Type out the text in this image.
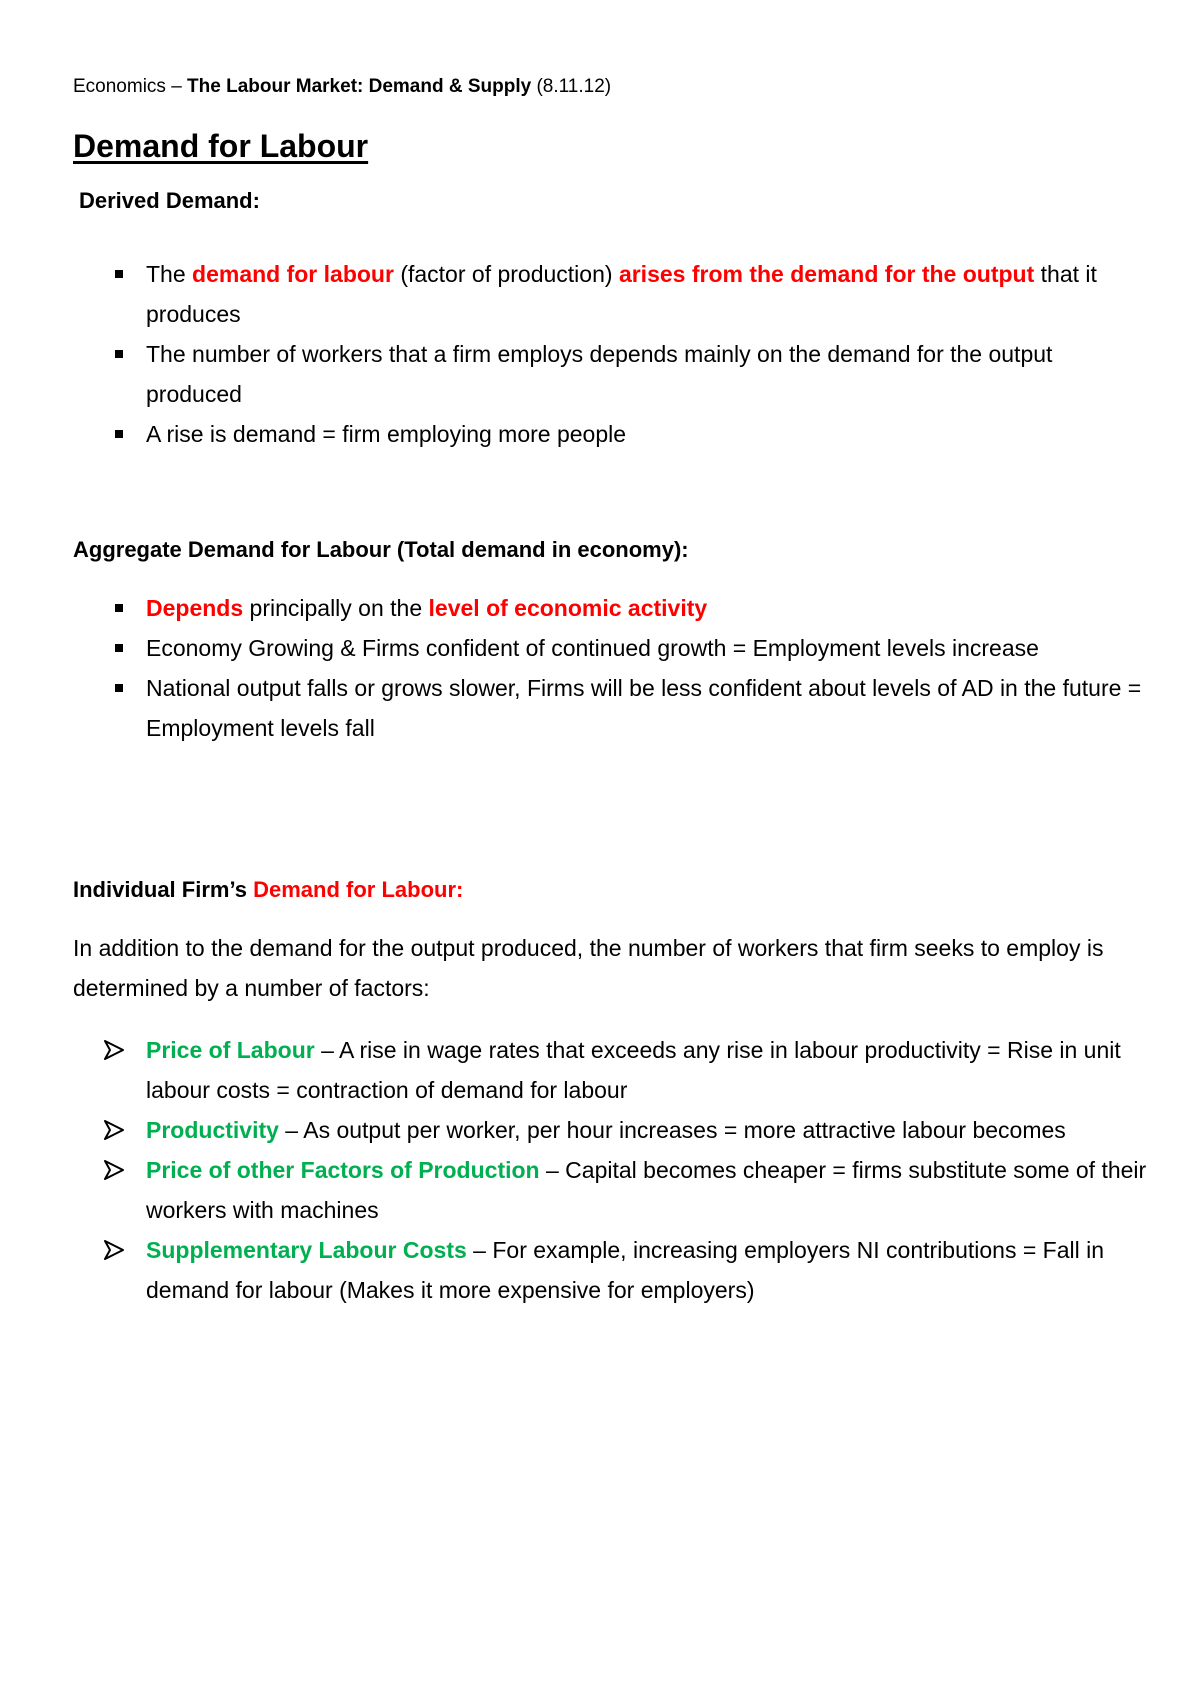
Economics – The Labour Market: Demand & Supply (8.11.12)
Demand for Labour
Derived Demand:
The demand for labour (factor of production) arises from the demand for the output that it produces
The number of workers that a firm employs depends mainly on the demand for the output produced
A rise is demand = firm employing more people
Aggregate Demand for Labour (Total demand in economy):
Depends principally on the level of economic activity
Economy Growing & Firms confident of continued growth = Employment levels increase
National output falls or grows slower, Firms will be less confident about levels of AD in the future = Employment levels fall
Individual Firm’s Demand for Labour:

In addition to the demand for the output produced, the number of workers that firm seeks to employ is determined by a number of factors:

Price of Labour – A rise in wage rates that exceeds any rise in labour productivity = Rise in unit labour costs = contraction of demand for labour
Productivity – As output per worker, per hour increases = more attractive labour becomes
Price of other Factors of Production – Capital becomes cheaper = firms substitute some of their workers with machines
Supplementary Labour Costs – For example, increasing employers NI contributions = Fall in demand for labour (Makes it more expensive for employers)
